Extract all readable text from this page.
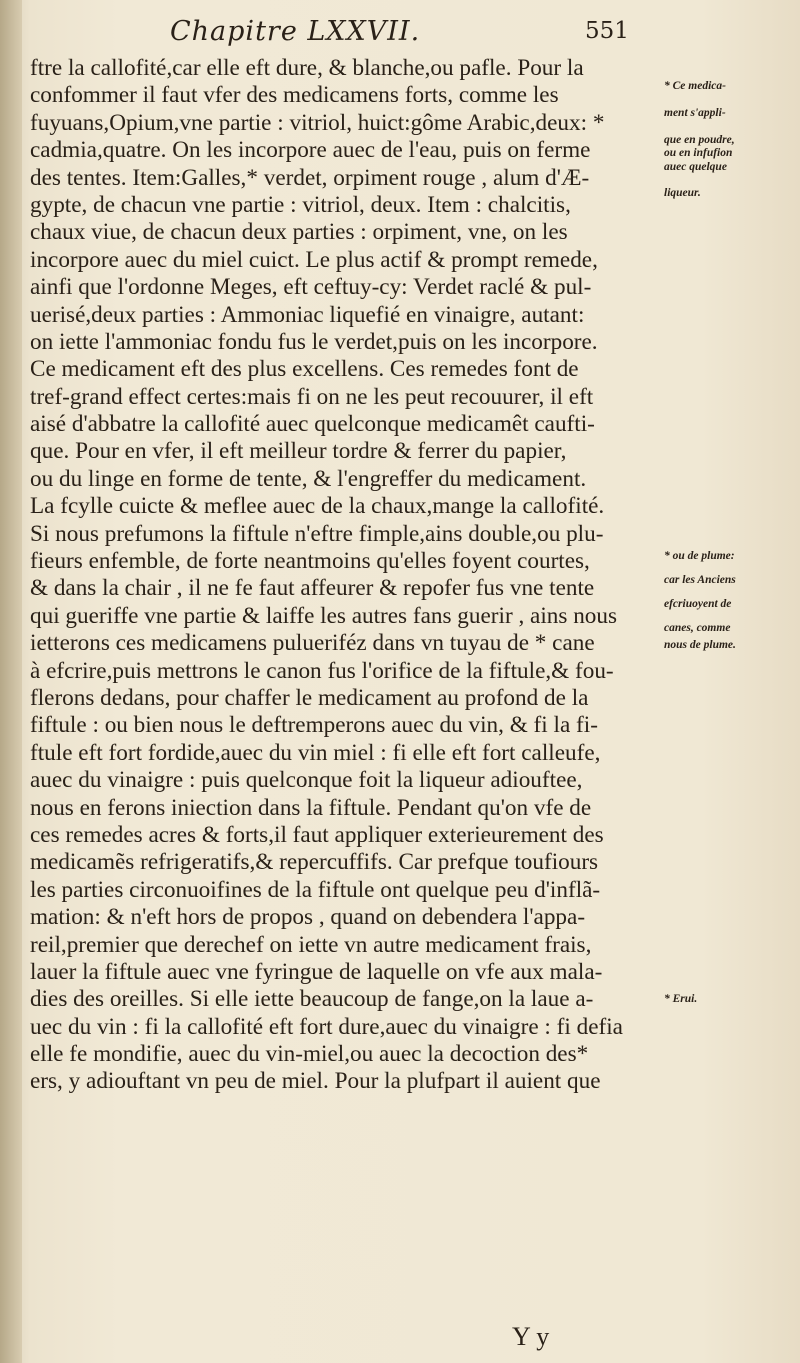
Chapitre LXXVII.	551
ftre la callofité,car elle eft dure, & blanche,ou pafle. Pour la
confommer il faut vfer des medicamens forts, comme les
fuyuans,Opium,vne partie : vitriol, huict:gôme Arabic,deux: *
cadmia,quatre. On les incorpore auec de l'eau, puis on ferme
des tentes. Item:Galles,* verdet, orpiment rouge , alum d'Æ-
gypte, de chacun vne partie : vitriol, deux. Item : chalcitis,
chaux viue, de chacun deux parties : orpiment, vne, on les
incorpore auec du miel cuict. Le plus actif & prompt remede,
ainfi que l'ordonne Meges, eft ceftuy-cy: Verdet raclé & pul-
uerisé,deux parties : Ammoniac liquefié en vinaigre, autant:
on iette l'ammoniac fondu fus le verdet,puis on les incorpore.
Ce medicament eft des plus excellens. Ces remedes font de
tref-grand effect certes:mais fi on ne les peut recouurer, il eft
aisé d'abbatre la callofité auec quelconque medicamêt caufti-
que. Pour en vfer, il eft meilleur tordre & ferrer du papier,
ou du linge en forme de tente, & l'engreffer du medicament.
La fcylle cuicte & meflee auec de la chaux,mange la callofité.
Si nous prefumons la fiftule n'eftre fimple,ains double,ou plu-
fieurs enfemble, de forte neantmoins qu'elles foyent courtes,
& dans la chair , il ne fe faut affeurer & repofer fus vne tente
qui gueriffe vne partie & laiffe les autres fans guerir , ains nous
ietterons ces medicamens pulueriféz dans vn tuyau de * cane
à efcrire,puis mettrons le canon fus l'orifice de la fiftule,& fou-
flerons dedans, pour chaffer le medicament au profond de la
fiftule : ou bien nous le deftremperons auec du vin, & fi la fi-
ftule eft fort fordide,auec du vin miel : fi elle eft fort calleufe,
auec du vinaigre : puis quelconque foit la liqueur adiouftee,
nous en ferons iniection dans la fiftule. Pendant qu'on vfe de
ces remedes acres & forts,il faut appliquer exterieurement des
medicamẽs refrigeratifs,& repercuffifs. Car prefque toufiours
les parties circonuoifines de la fiftule ont quelque peu d'inflã-
mation: & n'eft hors de propos , quand on debendera l'appa-
reil,premier que derechef on iette vn autre medicament frais,
lauer la fiftule auec vne fyringue de laquelle on vfe aux mala-
dies des oreilles. Si elle iette beaucoup de fange,on la laue a-
uec du vin : fi la callofité eft fort dure,auec du vinaigre : fi defia
elle fe mondifie, auec du vin-miel,ou auec la decoction des*
ers, y adiouftant vn peu de miel. Pour la plufpart il auient que
* Ce medica-
ment s'appli-
que en poudre,
ou en infufion
auec quelque
liqueur.
* ou de plume:
car les Anciens
efcriuoyent de
canes, comme
nous de plume.
* Erui.
Y y
